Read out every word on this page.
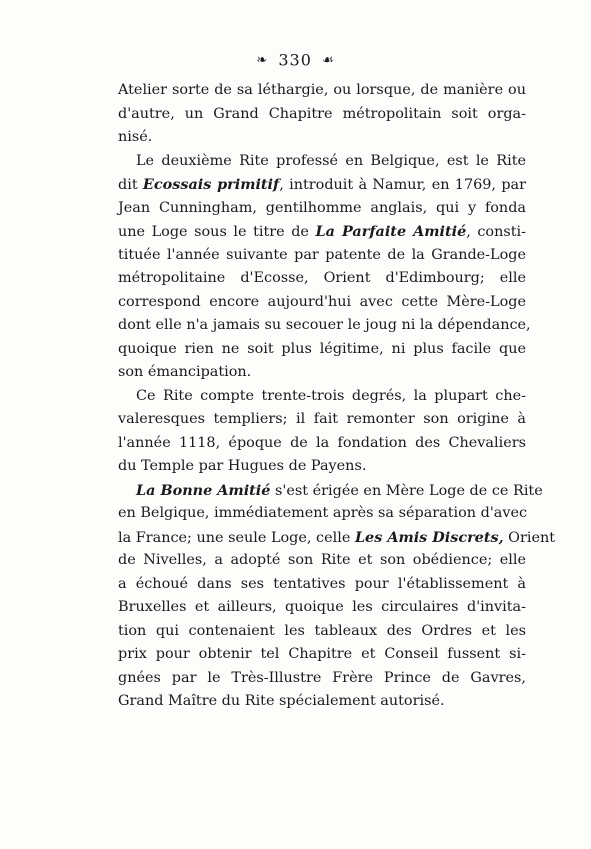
❧ 330 ☙
Atelier sorte de sa léthargie, ou lorsque, de manière ou
d'autre, un Grand Chapitre métropolitain soit orga-
nisé.
Le deuxième Rite professé en Belgique, est le Rite
dit Ecossais primitif, introduit à Namur, en 1769, par
Jean Cunningham, gentilhomme anglais, qui y fonda
une Loge sous le titre de La Parfaite Amitié, consti-
tituée l'année suivante par patente de la Grande-Loge
métropolitaine d'Ecosse, Orient d'Edimbourg; elle
correspond encore aujourd'hui avec cette Mère-Loge
dont elle n'a jamais su secouer le joug ni la dépendance,
quoique rien ne soit plus légitime, ni plus facile que
son émancipation.
Ce Rite compte trente-trois degrés, la plupart che-
valeresques templiers; il fait remonter son origine à
l'année 1118, époque de la fondation des Chevaliers
du Temple par Hugues de Payens.
La Bonne Amitié s'est érigée en Mère Loge de ce Rite
en Belgique, immédiatement après sa séparation d'avec
la France; une seule Loge, celle Les Amis Discrets, Orient
de Nivelles, a adopté son Rite et son obédience; elle
a échoué dans ses tentatives pour l'établissement à
Bruxelles et ailleurs, quoique les circulaires d'invita-
tion qui contenaient les tableaux des Ordres et les
prix pour obtenir tel Chapitre et Conseil fussent si-
gnées par le Très-Illustre Frère Prince de Gavres,
Grand Maître du Rite spécialement autorisé.
